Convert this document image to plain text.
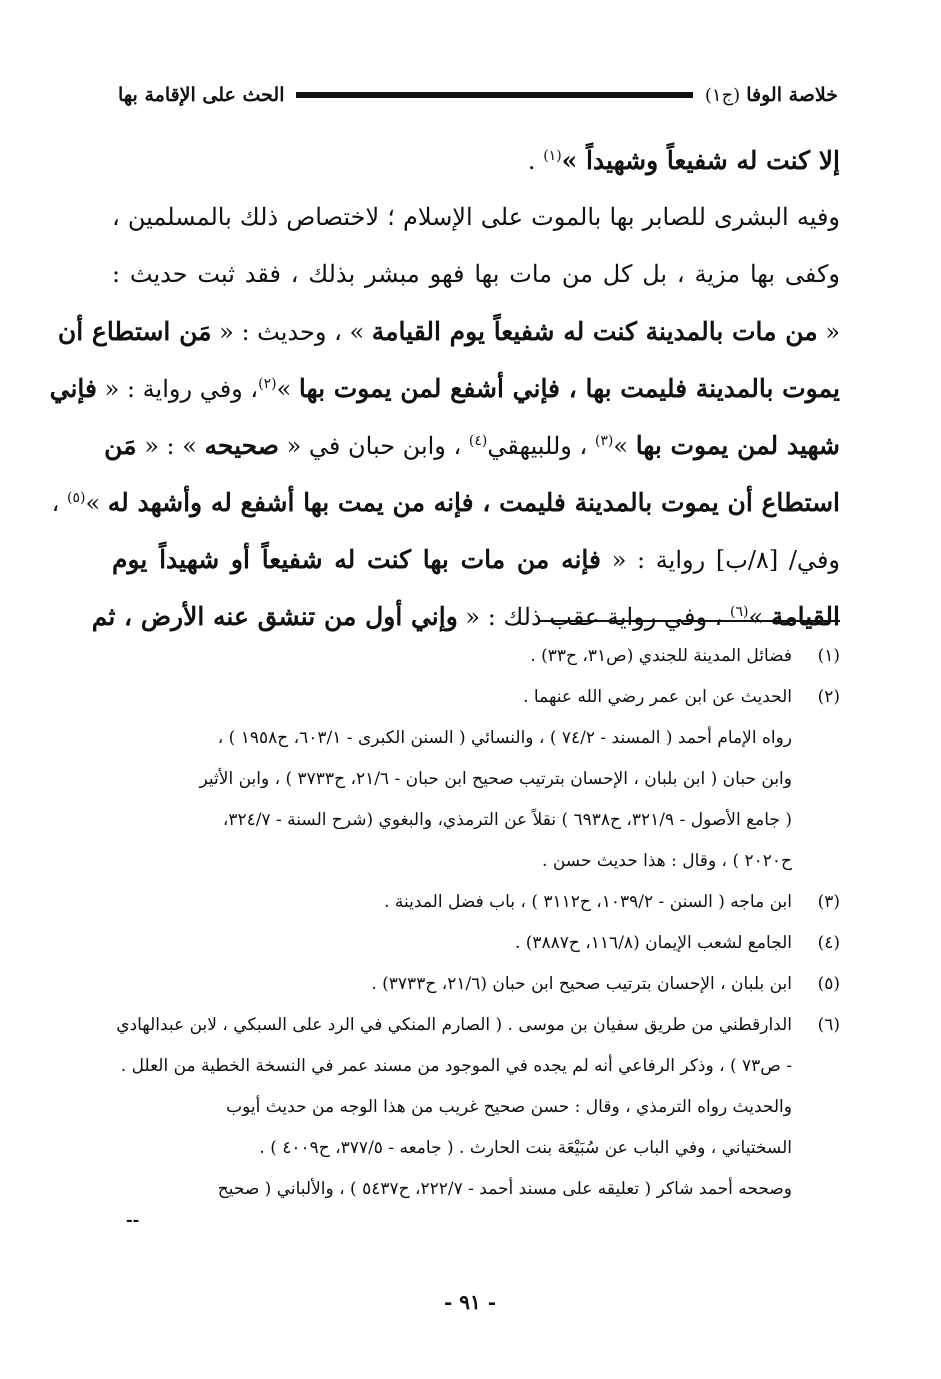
خلاصة الوفا
(ج١)
الحث على الإقامة بها
إلا كنت له شفيعاً وشهيداً »$^{(١)}$ .
وفيه البشرى للصابر بها بالموت على الإسلام ؛ لاختصاص ذلك بالمسلمين ،
وكفى بها مزية ، بل كل من مات بها فهو مبشر بذلك ، فقد ثبت حديث :
« من مات بالمدينة كنت له شفيعاً يوم القيامة » ، وحديث : « مَن استطاع أن
يموت بالمدينة فليمت بها ، فإني أشفع لمن يموت بها »$^{(٢)}$، وفي رواية : « فإني
شهيد لمن يموت بها »$^{(٣)}$ ، وللبيهقي$^{(٤)}$ ، وابن حبان في « صحيحه » : « مَن
استطاع أن يموت بالمدينة فليمت ، فإنه من يمت بها أشفع له وأشهد له »$^{(٥)}$ ،
وفي/ [٨/ب] رواية : « فإنه من مات بها كنت له شفيعاً أو شهيداً يوم
القيامة »$^{(٦)}$ ، وفي رواية عقب ذلك : « وإني أول من تنشق عنه الأرض ، ثم
(١)
فضائل المدينة للجندي (ص٣١، ح٣٣) .
(٢)
الحديث عن ابن عمر رضي الله عنهما .
رواه الإمام أحمد ( المسند - ٧٤/٢ ) ، والنسائي ( السنن الكبرى - ٦٠٣/١، ح١٩٥٨ ) ،
وابن حبان ( ابن بلبان ، الإحسان بترتيب صحيح ابن حبان - ٢١/٦، ح٣٧٣٣ ) ، وابن الأثير
( جامع الأصول - ٣٢١/٩، ح٦٩٣٨ ) نقلاً عن الترمذي، والبغوي (شرح السنة - ٣٢٤/٧،
ح٢٠٢٠ ) ، وقال : هذا حديث حسن .
(٣)
ابن ماجه ( السنن - ١٠٣٩/٢، ح٣١١٢ ) ، باب فضل المدينة .
(٤)
الجامع لشعب الإيمان (١١٦/٨، ح٣٨٨٧) .
(٥)
ابن بلبان ، الإحسان بترتيب صحيح ابن حبان (٢١/٦، ح٣٧٣٣) .
(٦)
الدارقطني من طريق سفيان بن موسى . ( الصارم المنكي في الرد على السبكي ، لابن عبدالهادي
- ص٧٣ ) ، وذكر الرفاعي أنه لم يجده في الموجود من مسند عمر في النسخة الخطية من العلل .
والحديث رواه الترمذي ، وقال : حسن صحيح غريب من هذا الوجه من حديث أيوب
السختياني ، وفي الباب عن سُبَيْعَة بنت الحارث . ( جامعه - ٣٧٧/٥، ح٤٠٠٩ ) .
وصححه أحمد شاكر ( تعليقه على مسند أحمد - ٢٢٢/٧، ح٥٤٣٧ ) ، والألباني ( صحيح
--
- ٩١ -
